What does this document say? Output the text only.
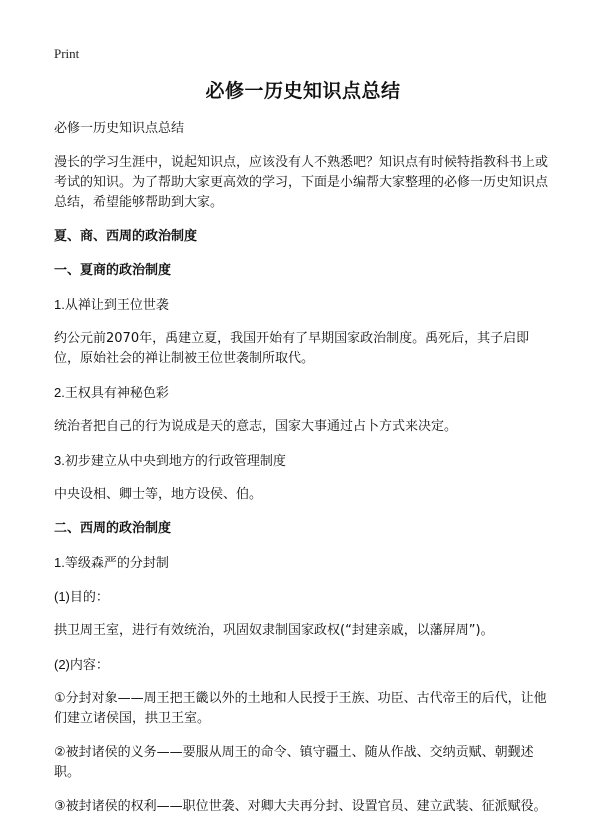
Print
必修一历史知识点总结
必修一历史知识点总结
漫长的学习生涯中，说起知识点，应该没有人不熟悉吧？知识点有时候特指教科书上或考试的知识。为了帮助大家更高效的学习，下面是小编帮大家整理的必修一历史知识点总结，希望能够帮助到大家。
夏、商、西周的政治制度
一、夏商的政治制度
1.从禅让到王位世袭
约公元前2070年，禹建立夏，我国开始有了早期国家政治制度。禹死后，其子启即位，原始社会的禅让制被王位世袭制所取代。
2.王权具有神秘色彩
统治者把自己的行为说成是天的意志，国家大事通过占卜方式来决定。
3.初步建立从中央到地方的行政管理制度
中央设相、卿士等，地方设侯、伯。
二、西周的政治制度
1.等级森严的分封制
(1)目的：
拱卫周王室，进行有效统治，巩固奴隶制国家政权(“封建亲戚，以藩屏周”)。
(2)内容：
①分封对象——周王把王畿以外的土地和人民授于王族、功臣、古代帝王的后代，让他们建立诸侯国，拱卫王室。
②被封诸侯的义务——要服从周王的命令、镇守疆土、随从作战、交纳贡赋、朝觐述职。
③被封诸侯的权利——职位世袭、对卿大夫再分封、设置官员、建立武装、征派赋役。
